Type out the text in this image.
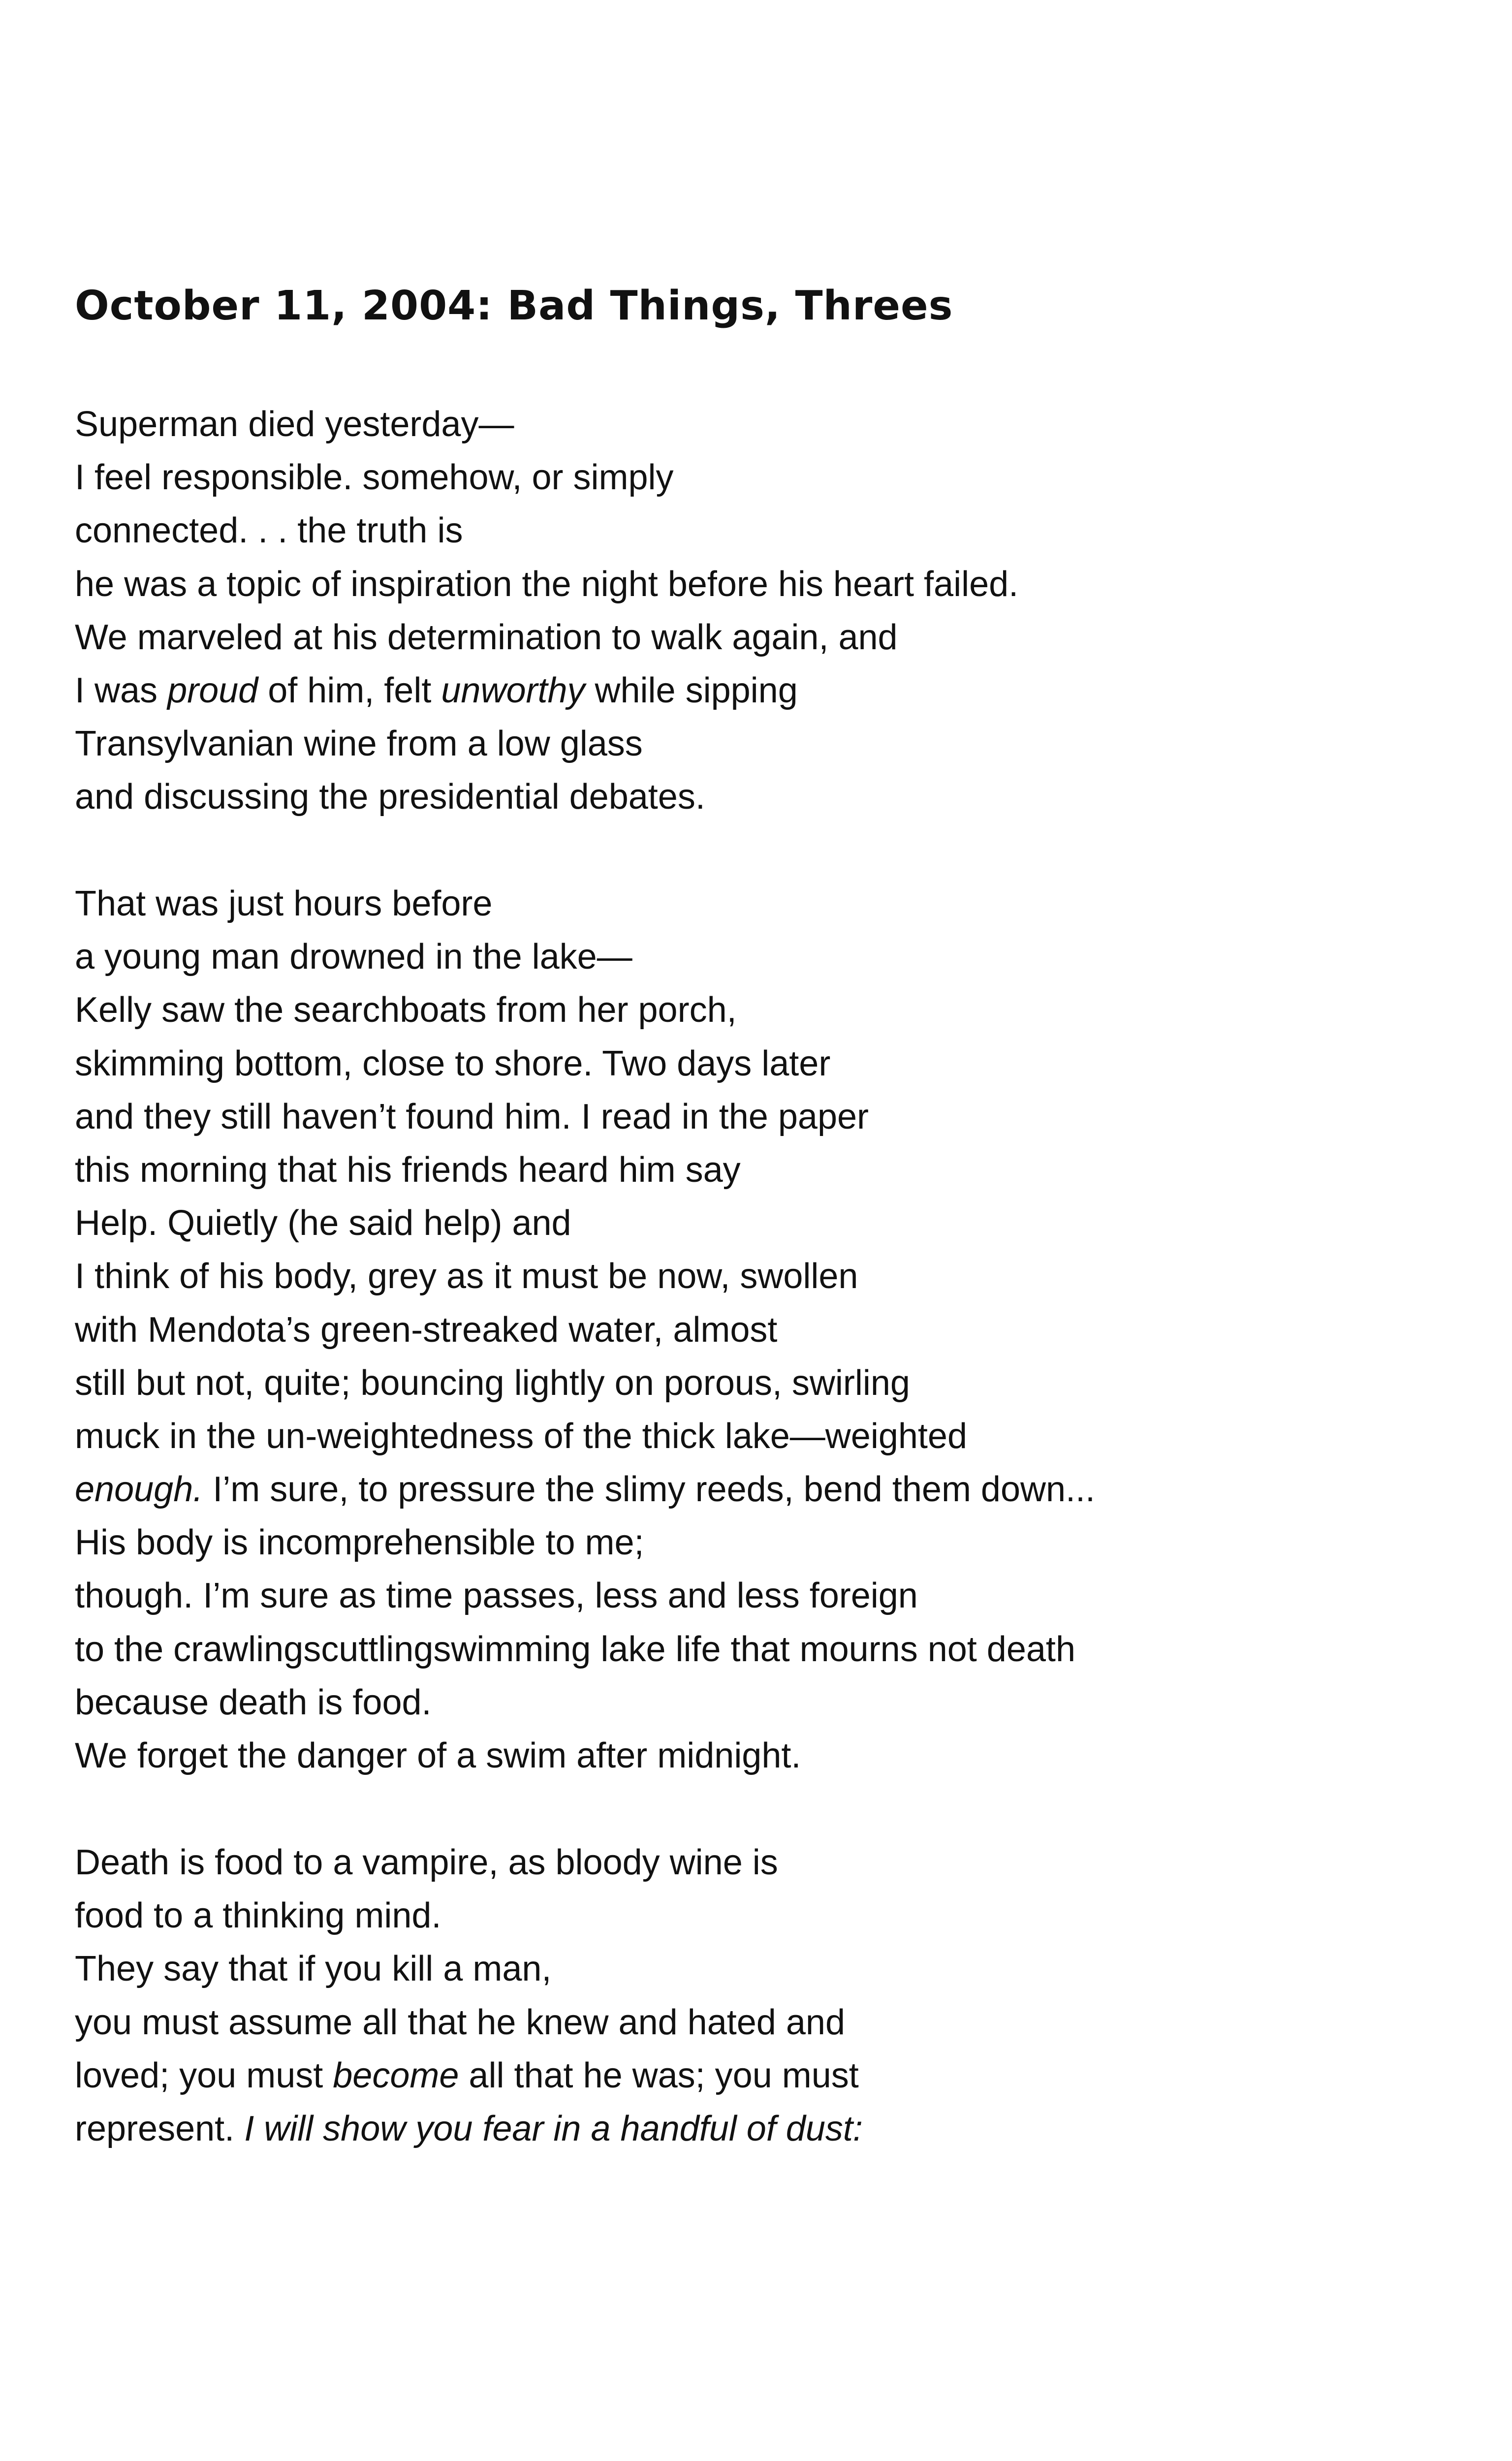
October 11, 2004: Bad Things, Threes

Superman died yesterday—
I feel responsible. somehow, or simply
connected. . . the truth is
he was a topic of inspiration the night before his heart failed.
We marveled at his determination to walk again, and
I was proud of him, felt unworthy while sipping
Transylvanian wine from a low glass
and discussing the presidential debates.

That was just hours before
a young man drowned in the lake—
Kelly saw the searchboats from her porch,
skimming bottom, close to shore. Two days later
and they still haven’t found him. I read in the paper
this morning that his friends heard him say
Help. Quietly (he said help) and
I think of his body, grey as it must be now, swollen
with Mendota’s green-streaked water, almost
still but not, quite; bouncing lightly on porous, swirling
muck in the un-weightedness of the thick lake—weighted
enough. I’m sure, to pressure the slimy reeds, bend them down...
His body is incomprehensible to me;
though. I’m sure as time passes, less and less foreign
to the crawlingscuttlingswimming lake life that mourns not death
because death is food.
We forget the danger of a swim after midnight.

Death is food to a vampire, as bloody wine is
food to a thinking mind.
They say that if you kill a man,
you must assume all that he knew and hated and
loved; you must become all that he was; you must
represent. I will show you fear in a handful of dust:
